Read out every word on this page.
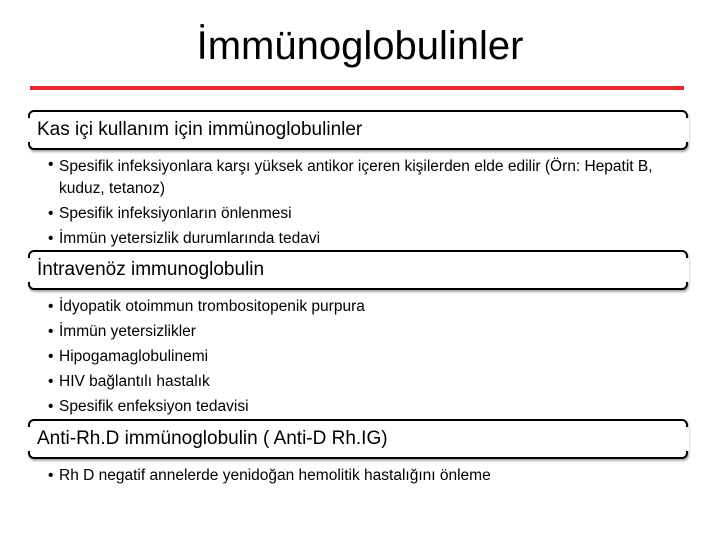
İmmünoglobulinler
Kas içi kullanım için immünoglobulinler
• Spesifik infeksiyonlara karşı yüksek antikor içeren kişilerden elde edilir (Örn: Hepatit B, kuduz, tetanoz)
• Spesifik infeksiyonların önlenmesi
• İmmün yetersizlik durumlarında tedavi
İntravenöz immunoglobulin
• İdyopatik otoimmun trombositopenik purpura
• İmmün yetersizlikler
• Hipogamaglobulinemi
• HIV bağlantılı hastalık
• Spesifik enfeksiyon tedavisi
Anti-Rh.D immünoglobulin ( Anti-D Rh.IG)
• Rh D negatif annelerde yenidoğan hemolitik hastalığını önleme
